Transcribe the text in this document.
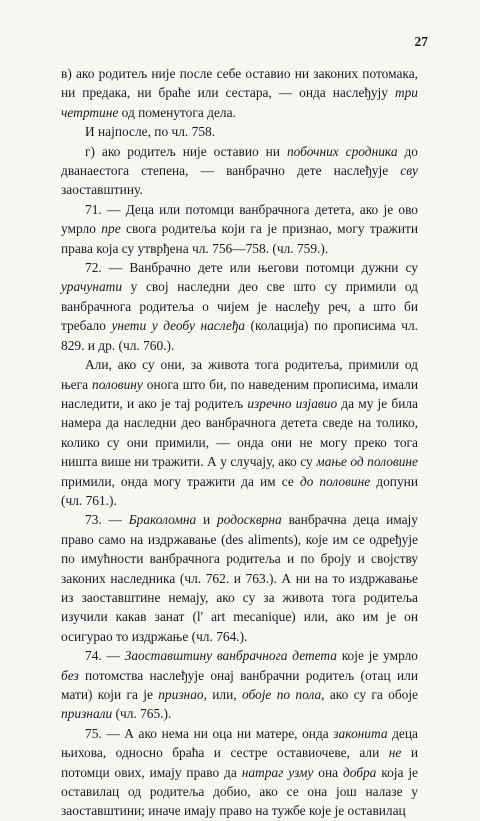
27

в) ако родитељ није после себе оставио ни законих потомака, ни предака, ни браће или сестара, — онда наслеђују три четртине од поменутога дела.

И најпосле, по чл. 758.

г) ако родитељ није оставио ни побочних сродника до дванаестога степена, — ванбрачно дете наслеђује сву заоставштину.

71. — Деца или потомци ванбрачнога детета, ако је ово умрло пре свога родитеља који га је признао, могу тражити права која су утврђена чл. 756—758. (чл. 759.).

72. — Ванбрачно дете или његови потомци дужни су урачунати у свој наследни део све што су примили од ванбрачнога родитеља о чијем је наслеђу реч, а што би требало унети у деобу наслеђа (колација) по прописима чл. 829. и др. (чл. 760.).

Али, ако су они, за живота тога родитеља, примили од њега половину онога што би, по наведеним прописима, имали наследити, и ако је тај родитељ изречно изјавио да му је била намера да наследни део ванбрачнога детета сведе на толико, колико су они примили, — онда они не могу преко тога ништа више ни тражити. А у случају, ако су мање од половине примили, онда могу тражити да им се до половине допуни (чл. 761.).

73. — Браколомна и родоскврна ванбрачна деца имају право само на издржавање (des aliments), које им се одређује по имућности ванбрачнога родитеља и по броју и својству законих наследника (чл. 762. и 763.). А ни на то издржавање из заоставштине немају, ако су за живота тога родитеља изучили какав занат (l' art mecanique) или, ако им је он осигурао то издржање (чл. 764.).

74. — Заоставштину ванбрачнога детета које је умрло без потомства наслеђује онај ванбрачни родитељ (отац или мати) који га је признао, или, обоје по пола, ако су га обоје признали (чл. 765.).

75. — А ако нема ни оца ни матере, онда законита деца њихова, односно браћа и сестре оставиочеве, али не и потомци ових, имају право да натраг узму она добра која је оставилац од родитеља добио, ако се она још налазе у заоставштини; иначе имају право на тужбе које је оставилац
